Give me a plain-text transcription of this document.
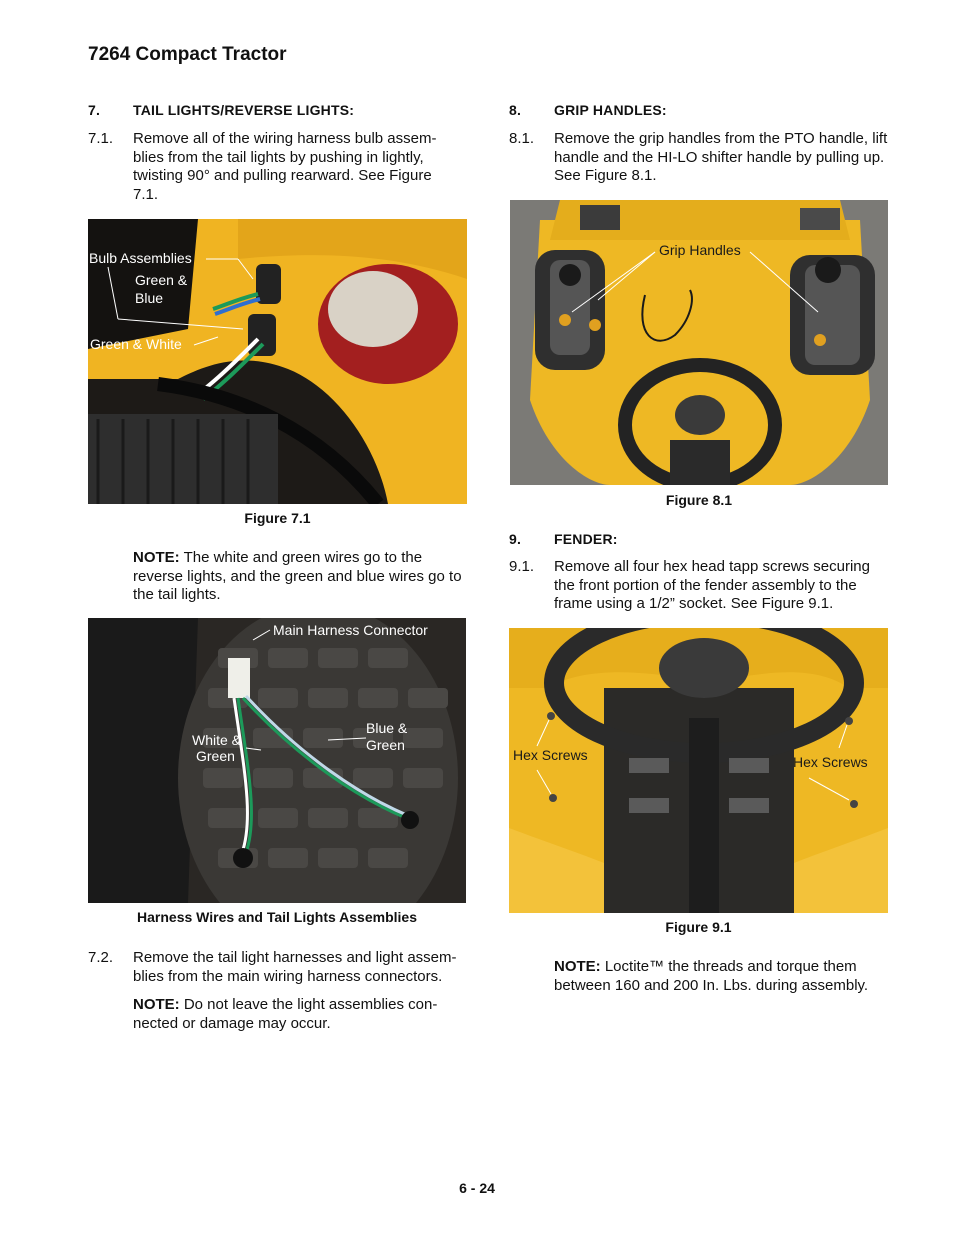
7264 Compact Tractor
7.	TAIL LIGHTS/REVERSE LIGHTS:
7.1. Remove all of the wiring harness bulb assem-blies from the tail lights by pushing in lightly, twisting 90° and pulling rearward. See Figure 7.1.
Bulb Assemblies
Green &
Blue
Green & White
Figure 7.1
NOTE: The white and green wires go to the reverse lights, and the green and blue wires go to the tail lights.
Main Harness Connector
White &
Green
Blue &
Green
Harness Wires and Tail Lights Assemblies
7.2. Remove the tail light harnesses and light assem-blies from the main wiring harness connectors.
NOTE: Do not leave the light assemblies con-nected or damage may occur.
8.	GRIP HANDLES:
8.1. Remove the grip handles from the PTO handle, lift handle and the HI-LO shifter handle by pulling up. See Figure 8.1.
Grip Handles
Figure 8.1
9.	FENDER:
9.1. Remove all four hex head tapp screws securing the front portion of the fender assembly to the frame using a 1/2” socket. See Figure 9.1.
Hex Screws	Hex Screws
Figure 9.1
NOTE: Loctite™ the threads and torque them between 160 and 200 In. Lbs. during assembly.
6 - 24
